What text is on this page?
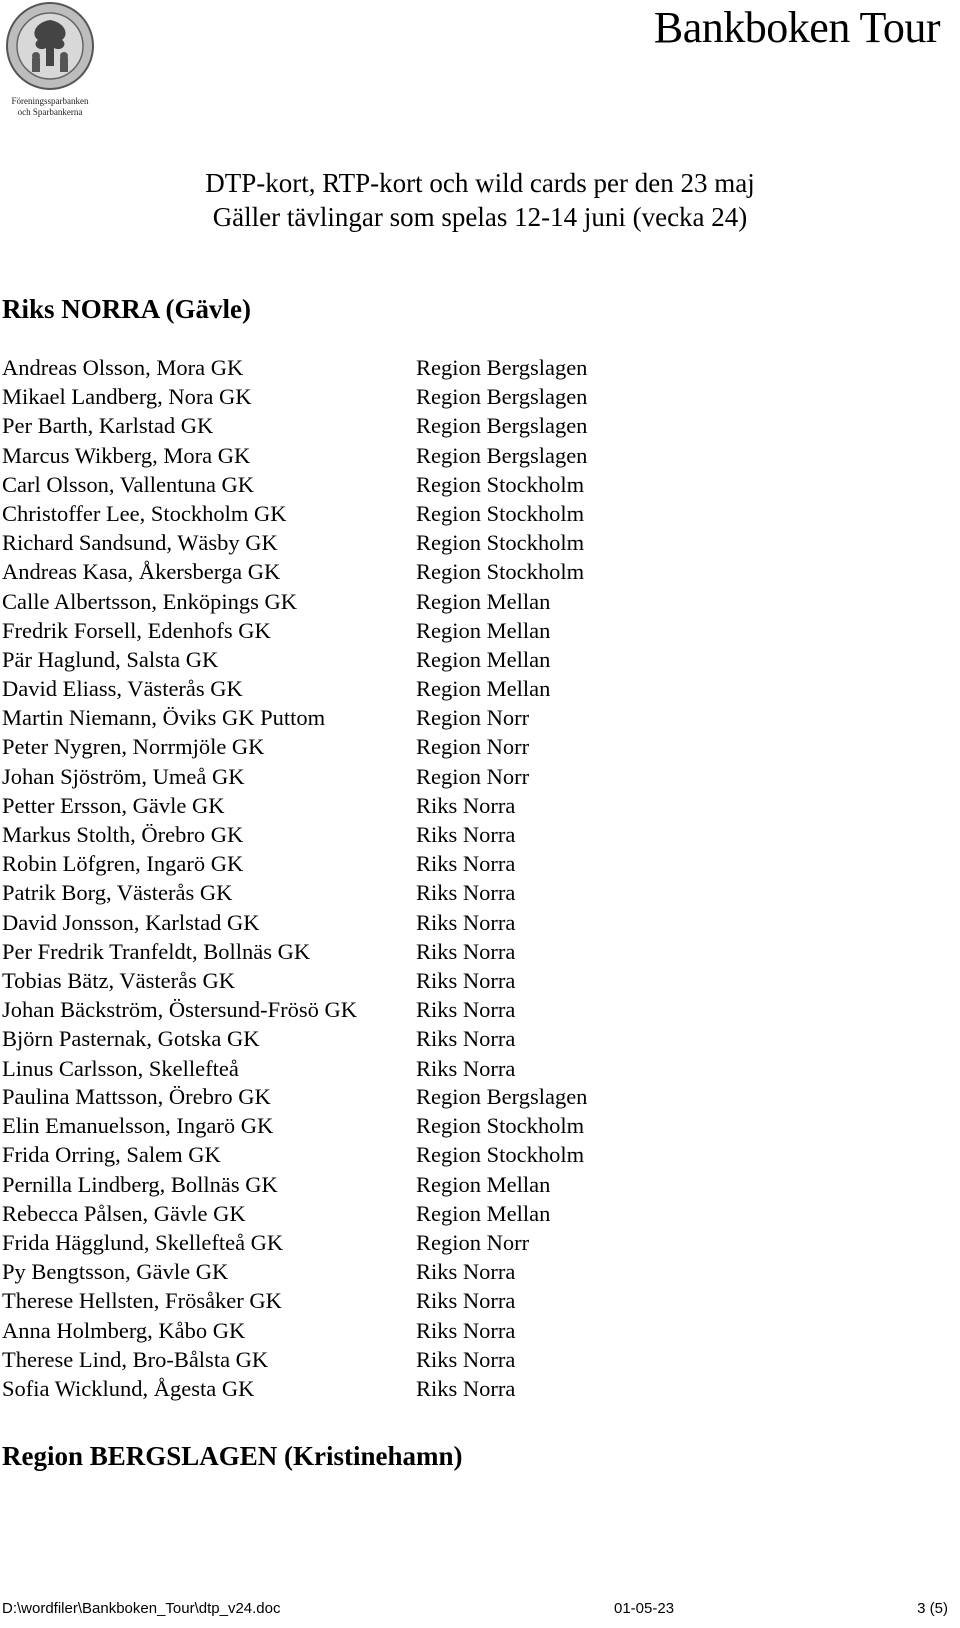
Föreningssparbanken
och Sparbankerna
Bankboken Tour
DTP-kort, RTP-kort och wild cards per den 23 maj
Gäller tävlingar som spelas 12-14 juni (vecka 24)
Riks NORRA (Gävle)
Andreas Olsson, Mora GK	Region Bergslagen
Mikael Landberg, Nora GK	Region Bergslagen
Per Barth, Karlstad GK	Region Bergslagen
Marcus Wikberg, Mora GK	Region Bergslagen
Carl Olsson, Vallentuna GK	Region Stockholm
Christoffer Lee, Stockholm GK	Region Stockholm
Richard Sandsund, Wäsby GK	Region Stockholm
Andreas Kasa, Åkersberga GK	Region Stockholm
Calle Albertsson, Enköpings GK	Region Mellan
Fredrik Forsell, Edenhofs GK	Region Mellan
Pär Haglund, Salsta GK	Region Mellan
David Eliass, Västerås GK	Region Mellan
Martin Niemann, Öviks GK Puttom	Region Norr
Peter Nygren, Norrmjöle GK	Region Norr
Johan Sjöström, Umeå GK	Region Norr
Petter Ersson, Gävle GK	Riks Norra
Markus Stolth, Örebro GK	Riks Norra
Robin Löfgren, Ingarö GK	Riks Norra
Patrik Borg, Västerås GK	Riks Norra
David Jonsson, Karlstad GK	Riks Norra
Per Fredrik Tranfeldt, Bollnäs GK	Riks Norra
Tobias Bätz, Västerås GK	Riks Norra
Johan Bäckström, Östersund-Frösö GK	Riks Norra
Björn Pasternak, Gotska GK	Riks Norra
Linus Carlsson, Skellefteå	Riks Norra
Paulina Mattsson, Örebro GK	Region Bergslagen
Elin Emanuelsson, Ingarö GK	Region Stockholm
Frida Orring, Salem GK	Region Stockholm
Pernilla Lindberg, Bollnäs GK	Region Mellan
Rebecca Pålsen, Gävle GK	Region Mellan
Frida Hägglund, Skellefteå GK	Region Norr
Py Bengtsson, Gävle GK	Riks Norra
Therese Hellsten, Frösåker GK	Riks Norra
Anna Holmberg, Kåbo GK	Riks Norra
Therese Lind, Bro-Bålsta GK	Riks Norra
Sofia Wicklund, Ågesta GK	Riks Norra
Region BERGSLAGEN (Kristinehamn)
D:\wordfiler\Bankboken_Tour\dtp_v24.doc	01-05-23	3 (5)
